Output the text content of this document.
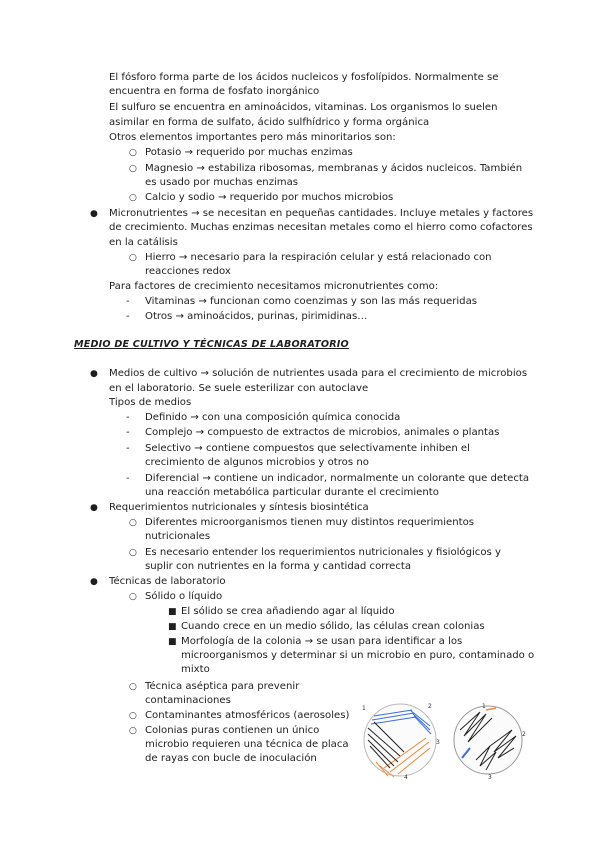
El fósforo forma parte de los ácidos nucleicos y fosfolípidos. Normalmente se
encuentra en forma de fosfato inorgánico
El sulfuro se encuentra en aminoácidos, vitaminas. Los organismos lo suelen
asimilar en forma de sulfato, ácido sulfhídrico y forma orgánica
Otros elementos importantes pero más minoritarios son:
○ Potasio → requerido por muchas enzimas
○ Magnesio → estabiliza ribosomas, membranas y ácidos nucleicos. También
es usado por muchas enzimas
○ Calcio y sodio → requerido por muchos microbios
● Micronutrientes → se necesitan en pequeñas cantidades. Incluye metales y factores
de crecimiento. Muchas enzimas necesitan metales como el hierro como cofactores
en la catálisis
○ Hierro → necesario para la respiración celular y está relacionado con
reacciones redox
Para factores de crecimiento necesitamos micronutrientes como:
- Vitaminas → funcionan como coenzimas y son las más requeridas
- Otros → aminoácidos, purinas, pirimidinas…
MEDIO DE CULTIVO Y TÉCNICAS DE LABORATORIO
● Medios de cultivo → solución de nutrientes usada para el crecimiento de microbios
en el laboratorio. Se suele esterilizar con autoclave
Tipos de medios
- Definido → con una composición química conocida
- Complejo → compuesto de extractos de microbios, animales o plantas
- Selectivo → contiene compuestos que selectivamente inhiben el
crecimiento de algunos microbios y otros no
- Diferencial → contiene un indicador, normalmente un colorante que detecta
una reacción metabólica particular durante el crecimiento
● Requerimientos nutricionales y síntesis biosintética
○ Diferentes microorganismos tienen muy distintos requerimientos
nutricionales
○ Es necesario entender los requerimientos nutricionales y fisiológicos y
suplir con nutrientes en la forma y cantidad correcta
● Técnicas de laboratorio
○ Sólido o líquido
■ El sólido se crea añadiendo agar al líquido
■ Cuando crece en un medio sólido, las células crean colonias
■ Morfología de la colonia → se usan para identificar a los
microorganismos y determinar si un microbio en puro, contaminado o
mixto
○ Técnica aséptica para prevenir
contaminaciones
○ Contaminantes atmosféricos (aerosoles)
○ Colonias puras contienen un único
microbio requieren una técnica de placa
de rayas con bucle de inoculación
1	2
3
4
1
2
3
